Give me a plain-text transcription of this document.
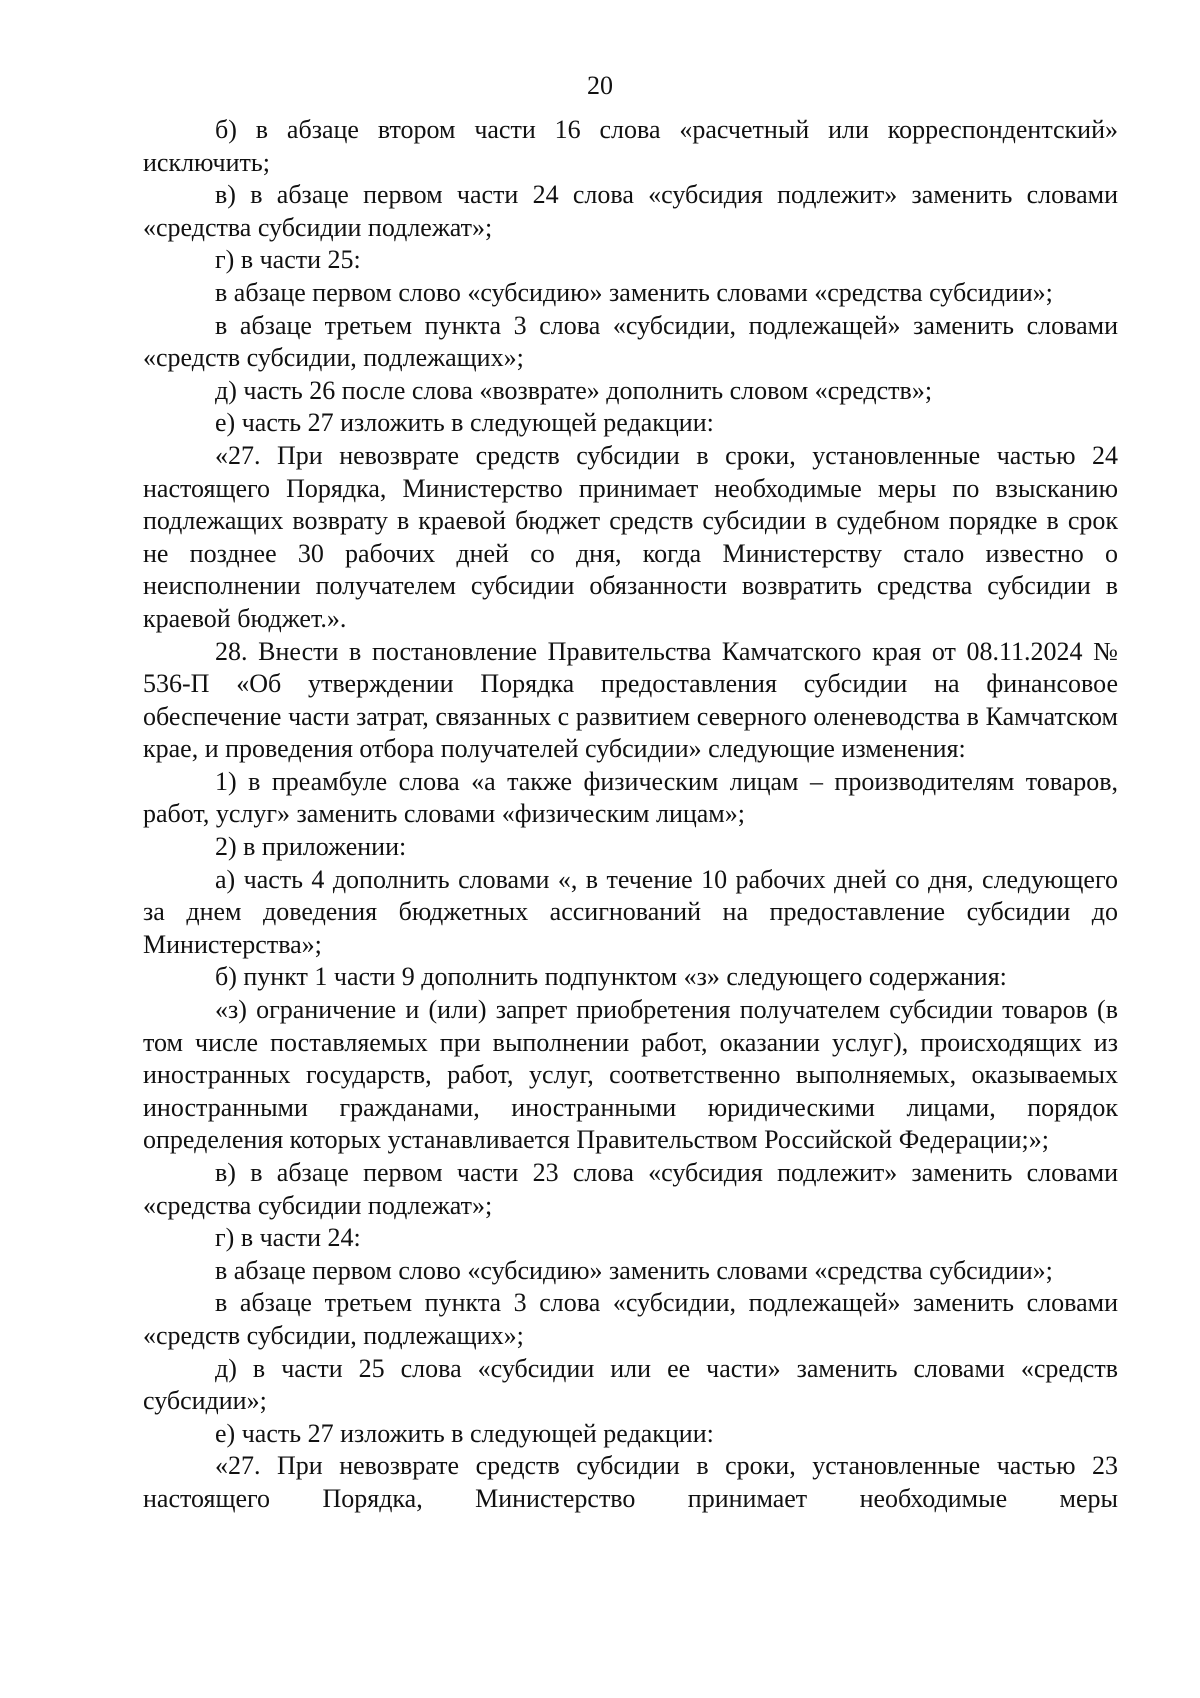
20

б) в абзаце втором части 16 слова «расчетный или корреспондентский» исключить;

в) в абзаце первом части 24 слова «субсидия подлежит» заменить словами «средства субсидии подлежат»;

г) в части 25:

в абзаце первом слово «субсидию» заменить словами «средства субсидии»;

в абзаце третьем пункта 3 слова «субсидии, подлежащей» заменить словами «средств субсидии, подлежащих»;

д) часть 26 после слова «возврате» дополнить словом «средств»;

е) часть 27 изложить в следующей редакции:

«27. При невозврате средств субсидии в сроки, установленные частью 24 настоящего Порядка, Министерство принимает необходимые меры по взысканию подлежащих возврату в краевой бюджет средств субсидии в судебном порядке в срок не позднее 30 рабочих дней со дня, когда Министерству стало известно о неисполнении получателем субсидии обязанности возвратить средства субсидии в краевой бюджет.».

28. Внести в постановление Правительства Камчатского края от 08.11.2024 № 536-П «Об утверждении Порядка предоставления субсидии на финансовое обеспечение части затрат, связанных с развитием северного оленеводства в Камчатском крае, и проведения отбора получателей субсидии» следующие изменения:

1) в преамбуле слова «а также физическим лицам – производителям товаров, работ, услуг» заменить словами «физическим лицам»;

2) в приложении:

а) часть 4 дополнить словами «, в течение 10 рабочих дней со дня, следующего за днем доведения бюджетных ассигнований на предоставление субсидии до Министерства»;

б) пункт 1 части 9 дополнить подпунктом «з» следующего содержания:

«з) ограничение и (или) запрет приобретения получателем субсидии товаров (в том числе поставляемых при выполнении работ, оказании услуг), происходящих из иностранных государств, работ, услуг, соответственно выполняемых, оказываемых иностранными гражданами, иностранными юридическими лицами, порядок определения которых устанавливается Правительством Российской Федерации;»;

в) в абзаце первом части 23 слова «субсидия подлежит» заменить словами «средства субсидии подлежат»;

г) в части 24:

в абзаце первом слово «субсидию» заменить словами «средства субсидии»;

в абзаце третьем пункта 3 слова «субсидии, подлежащей» заменить словами «средств субсидии, подлежащих»;

д) в части 25 слова «субсидии или ее части» заменить словами «средств субсидии»;

е) часть 27 изложить в следующей редакции:

«27. При невозврате средств субсидии в сроки, установленные частью 23 настоящего Порядка, Министерство принимает необходимые меры
